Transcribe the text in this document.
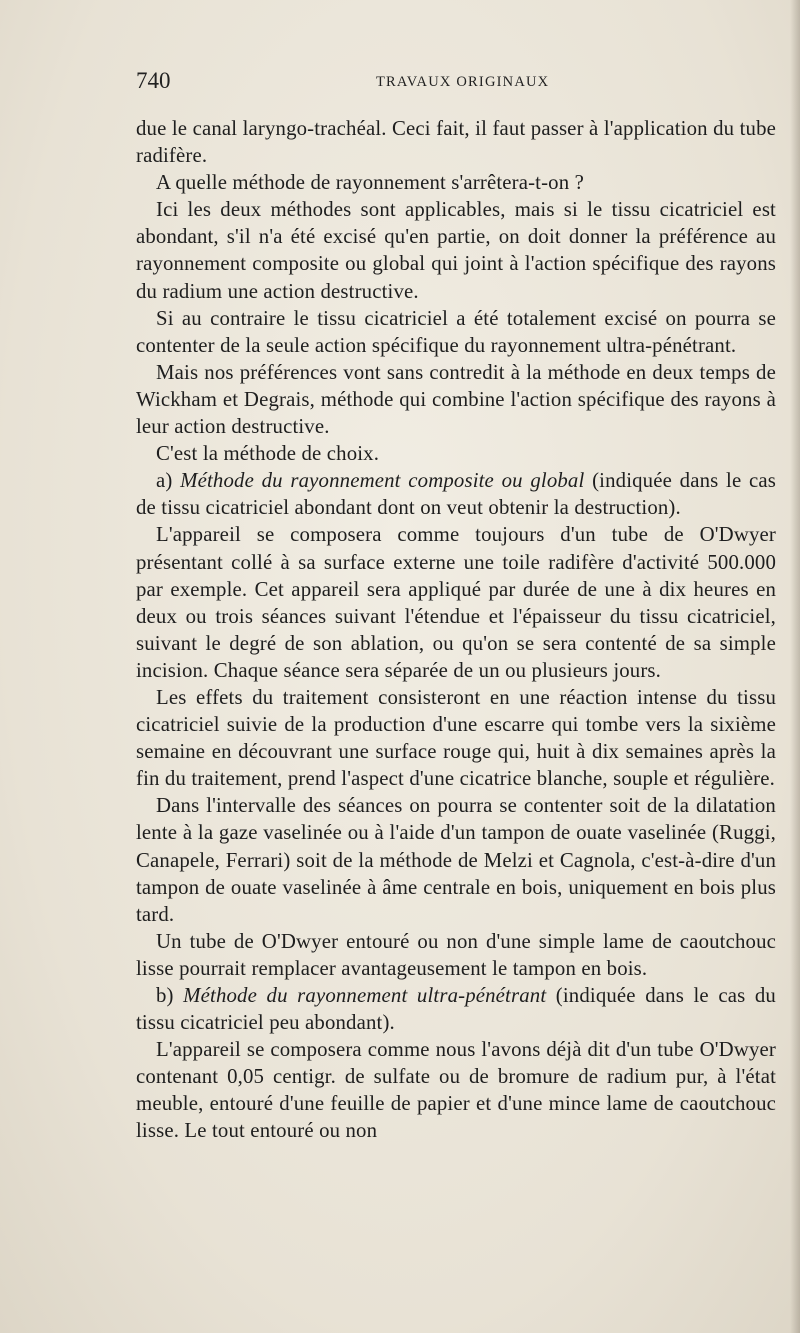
740	TRAVAUX ORIGINAUX

due le canal laryngo-trachéal. Ceci fait, il faut passer à l'application du tube radifère.

A quelle méthode de rayonnement s'arrêtera-t-on ?

Ici les deux méthodes sont applicables, mais si le tissu cicatriciel est abondant, s'il n'a été excisé qu'en partie, on doit donner la préférence au rayonnement composite ou global qui joint à l'action spécifique des rayons du radium une action destructive.

Si au contraire le tissu cicatriciel a été totalement excisé on pourra se contenter de la seule action spécifique du rayonnement ultra-pénétrant.

Mais nos préférences vont sans contredit à la méthode en deux temps de Wickham et Degrais, méthode qui combine l'action spécifique des rayons à leur action destructive.

C'est la méthode de choix.

a) Méthode du rayonnement composite ou global (indiquée dans le cas de tissu cicatriciel abondant dont on veut obtenir la destruction).

L'appareil se composera comme toujours d'un tube de O'Dwyer présentant collé à sa surface externe une toile radifère d'activité 500.000 par exemple. Cet appareil sera appliqué par durée de une à dix heures en deux ou trois séances suivant l'étendue et l'épaisseur du tissu cicatriciel, suivant le degré de son ablation, ou qu'on se sera contenté de sa simple incision. Chaque séance sera séparée de un ou plusieurs jours.

Les effets du traitement consisteront en une réaction intense du tissu cicatriciel suivie de la production d'une escarre qui tombe vers la sixième semaine en découvrant une surface rouge qui, huit à dix semaines après la fin du traitement, prend l'aspect d'une cicatrice blanche, souple et régulière.

Dans l'intervalle des séances on pourra se contenter soit de la dilatation lente à la gaze vaselinée ou à l'aide d'un tampon de ouate vaselinée (Ruggi, Canapele, Ferrari) soit de la méthode de Melzi et Cagnola, c'est-à-dire d'un tampon de ouate vaselinée à âme centrale en bois, uniquement en bois plus tard.

Un tube de O'Dwyer entouré ou non d'une simple lame de caoutchouc lisse pourrait remplacer avantageusement le tampon en bois.

b) Méthode du rayonnement ultra-pénétrant (indiquée dans le cas du tissu cicatriciel peu abondant).

L'appareil se composera comme nous l'avons déjà dit d'un tube O'Dwyer contenant 0,05 centigr. de sulfate ou de bromure de radium pur, à l'état meuble, entouré d'une feuille de papier et d'une mince lame de caoutchouc lisse. Le tout entouré ou non
